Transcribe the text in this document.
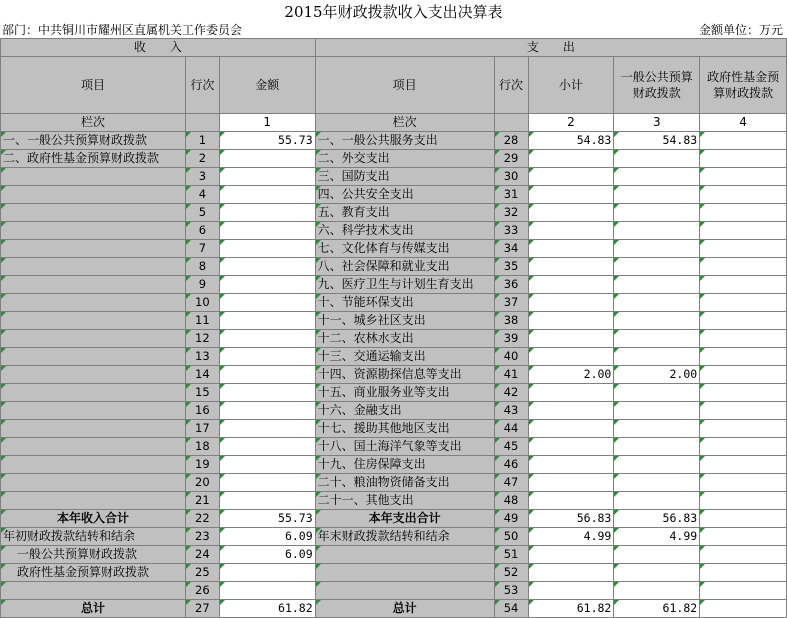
2015年财政拨款收入支出决算表
部门：中共铜川市耀州区直属机关工作委员会	金额单位：万元
收　　入			支　　出				
项目	行次	金额	项目	行次	小计	一般公共预算财政拨款	政府性基金预算财政拨款
栏次		1	栏次		2	3	4
一、一般公共预算财政拨款	1	55.73	一、一般公共服务支出	28	54.83	54.83	
二、政府性基金预算财政拨款	2		二、外交支出	29			
	3		三、国防支出	30			
	4		四、公共安全支出	31			
	5		五、教育支出	32			
	6		六、科学技术支出	33			
	7		七、文化体育与传媒支出	34			
	8		八、社会保障和就业支出	35			
	9		九、医疗卫生与计划生育支出	36			
	10		十、节能环保支出	37			
	11		十一、城乡社区支出	38			
	12		十二、农林水支出	39			
	13		十三、交通运输支出	40			
	14		十四、资源勘探信息等支出	41	2.00	2.00	
	15		十五、商业服务业等支出	42			
	16		十六、金融支出	43			
	17		十七、援助其他地区支出	44			
	18		十八、国土海洋气象等支出	45			
	19		十九、住房保障支出	46			
	20		二十、粮油物资储备支出	47			
	21		二十一、其他支出	48			
本年收入合计	22	55.73	本年支出合计	49	56.83	56.83	
年初财政拨款结转和结余	23	6.09	年末财政拨款结转和结余	50	4.99	4.99	
一般公共预算财政拨款	24	6.09		51			
政府性基金预算财政拨款	25			52			
	26			53			
总计	27	61.82	总计	54	61.82	61.82	
